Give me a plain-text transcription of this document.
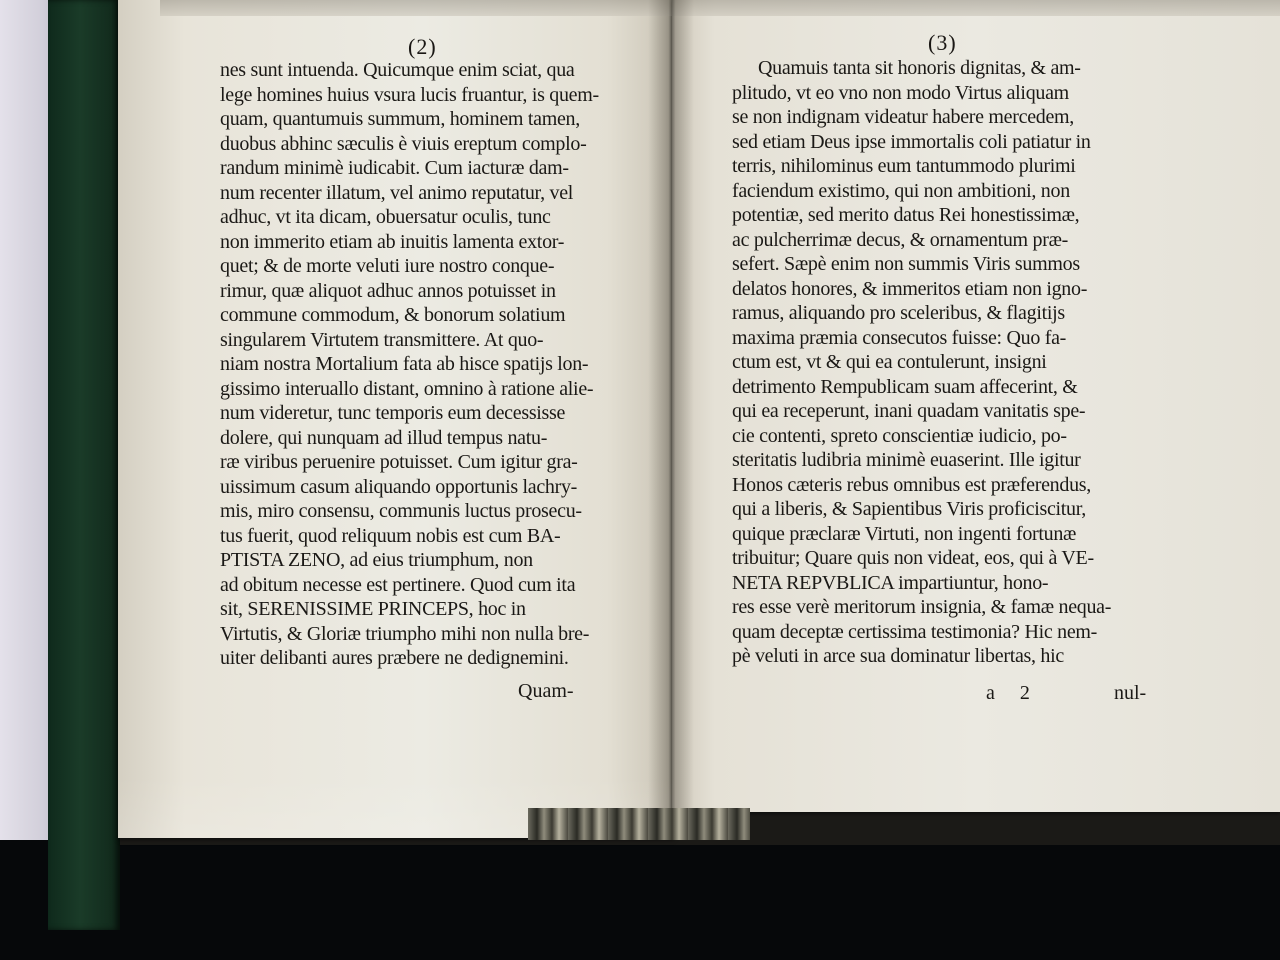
(2)	(3)
nes sunt intuenda. Quicumque enim sciat, qua
lege homines huius vsura lucis fruantur, is quem-
quam, quantumuis summum, hominem tamen,
duobus abhinc sæculis è viuis ereptum complo-
randum minimè iudicabit. Cum iacturæ dam-
num recenter illatum, vel animo reputatur, vel
adhuc, vt ita dicam, obuersatur oculis, tunc
non immerito etiam ab inuitis lamenta extor-
quet; & de morte veluti iure nostro conque-
rimur, quæ aliquot adhuc annos potuisset in
commune commodum, & bonorum solatium
singularem Virtutem transmittere. At quo-
niam nostra Mortalium fata ab hisce spatijs lon-
gissimo interuallo distant, omnino à ratione alie-
num videretur, tunc temporis eum decessisse
dolere, qui nunquam ad illud tempus natu-
ræ viribus peruenire potuisset. Cum igitur gra-
uissimum casum aliquando opportunis lachry-
mis, miro consensu, communis luctus prosecu-
tus fuerit, quod reliquum nobis est cum BA-
PTISTA ZENO, ad eius triumphum, non
ad obitum necesse est pertinere. Quod cum ita
sit, SERENISSIME PRINCEPS, hoc in
Virtutis, & Gloriæ triumpho mihi non nulla bre-
uiter delibanti aures præbere ne dedignemini.
Quam-
Quamuis tanta sit honoris dignitas, & am-
plitudo, vt eo vno non modo Virtus aliquam
se non indignam videatur habere mercedem,
sed etiam Deus ipse immortalis coli patiatur in
terris, nihilominus eum tantummodo plurimi
faciendum existimo, qui non ambitioni, non
potentiæ, sed merito datus Rei honestissimæ,
ac pulcherrimæ decus, & ornamentum præ-
sefert. Sæpè enim non summis Viris summos
delatos honores, & immeritos etiam non igno-
ramus, aliquando pro sceleribus, & flagitijs
maxima præmia consecutos fuisse: Quo fa-
ctum est, vt & qui ea contulerunt, insigni
detrimento Rempublicam suam affecerint, &
qui ea receperunt, inani quadam vanitatis spe-
cie contenti, spreto conscientiæ iudicio, po-
steritatis ludibria minimè euaserint. Ille igitur
Honos cæteris rebus omnibus est præferendus,
qui a liberis, & Sapientibus Viris proficiscitur,
quique præclaræ Virtuti, non ingenti fortunæ
tribuitur; Quare quis non videat, eos, qui à VE-
NETA REPVBLICA impartiuntur, hono-
res esse verè meritorum insignia, & famæ nequa-
quam deceptæ certissima testimonia? Hic nem-
pè veluti in arce sua dominatur libertas, hic
a 2	nul-
